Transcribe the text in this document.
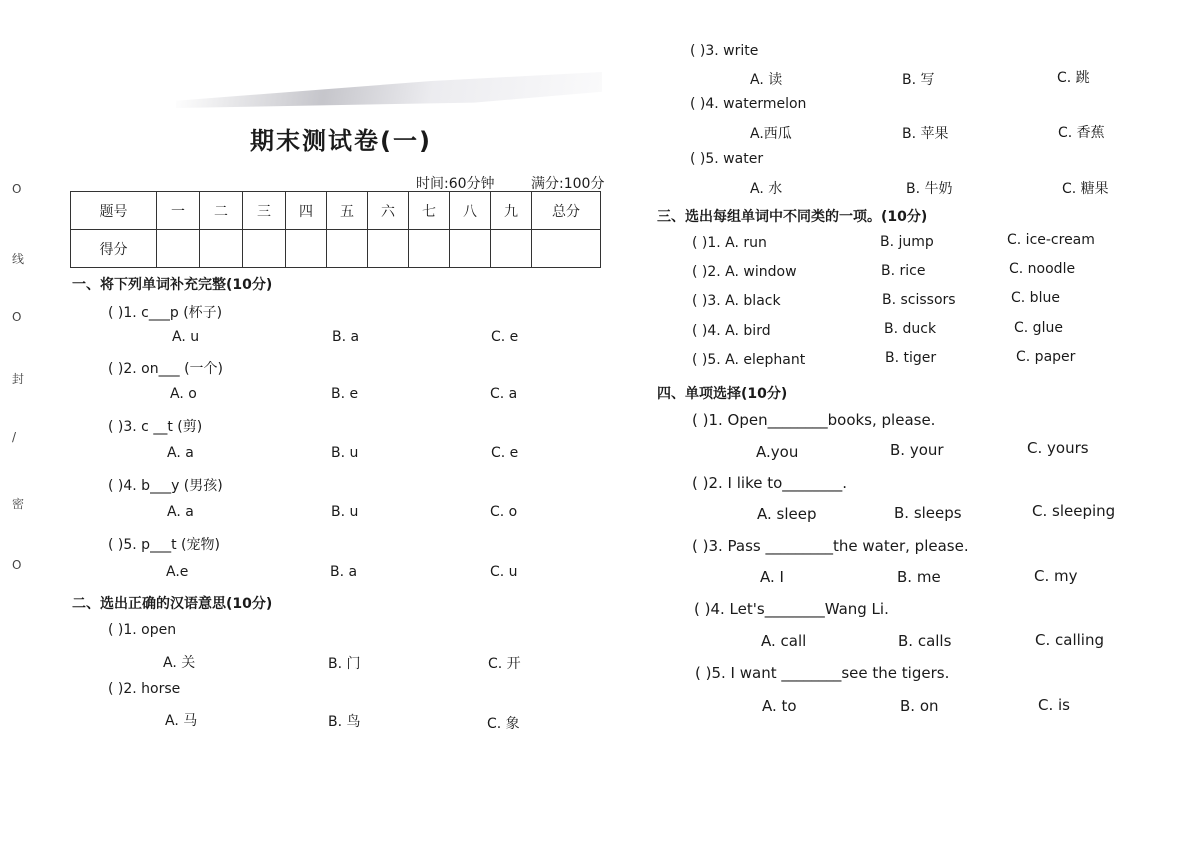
O
线
O
封
/
密
O
期末测试卷(一)
时间:60分钟	满分:100分
题号	一	二	三	四	五	六	七	八	九	总分
得分										
一、将下列单词补充完整(10分)
( )1. c___p (杯子)
A. u	B. a	C. e
( )2. on___ (一个)
A. o	B. e	C. a
( )3. c __t (剪)
A. a	B. u	C. e
( )4. b___y (男孩)
A. a	B. u	C. o
( )5. p___t (宠物)
A.e	B. a	C. u
二、选出正确的汉语意思(10分)
( )1. open
A. 关	B. 门	C. 开
( )2. horse
A. 马	B. 鸟	C. 象
( )3. write
A. 读	B. 写	C. 跳
( )4. watermelon
A.西瓜	B. 苹果	C. 香蕉
( )5. water
A. 水	B. 牛奶	C. 糖果
三、选出每组单词中不同类的一项。(10分)
( )1. A. run	B. jump	C. ice-cream
( )2. A. window	B. rice	C. noodle
( )3. A. black	B. scissors	C. blue
( )4. A. bird	B. duck	C. glue
( )5. A. elephant	B. tiger	C. paper
四、单项选择(10分)
( )1. Open________books, please.
A.you	B. your	C. yours
( )2. I like to________.
A. sleep	B. sleeps	C. sleeping
( )3. Pass _________the water, please.
A. I	B. me	C. my
( )4. Let's________Wang Li.
A. call	B. calls	C. calling
( )5. I want ________see the tigers.
A. to	B. on	C. is
